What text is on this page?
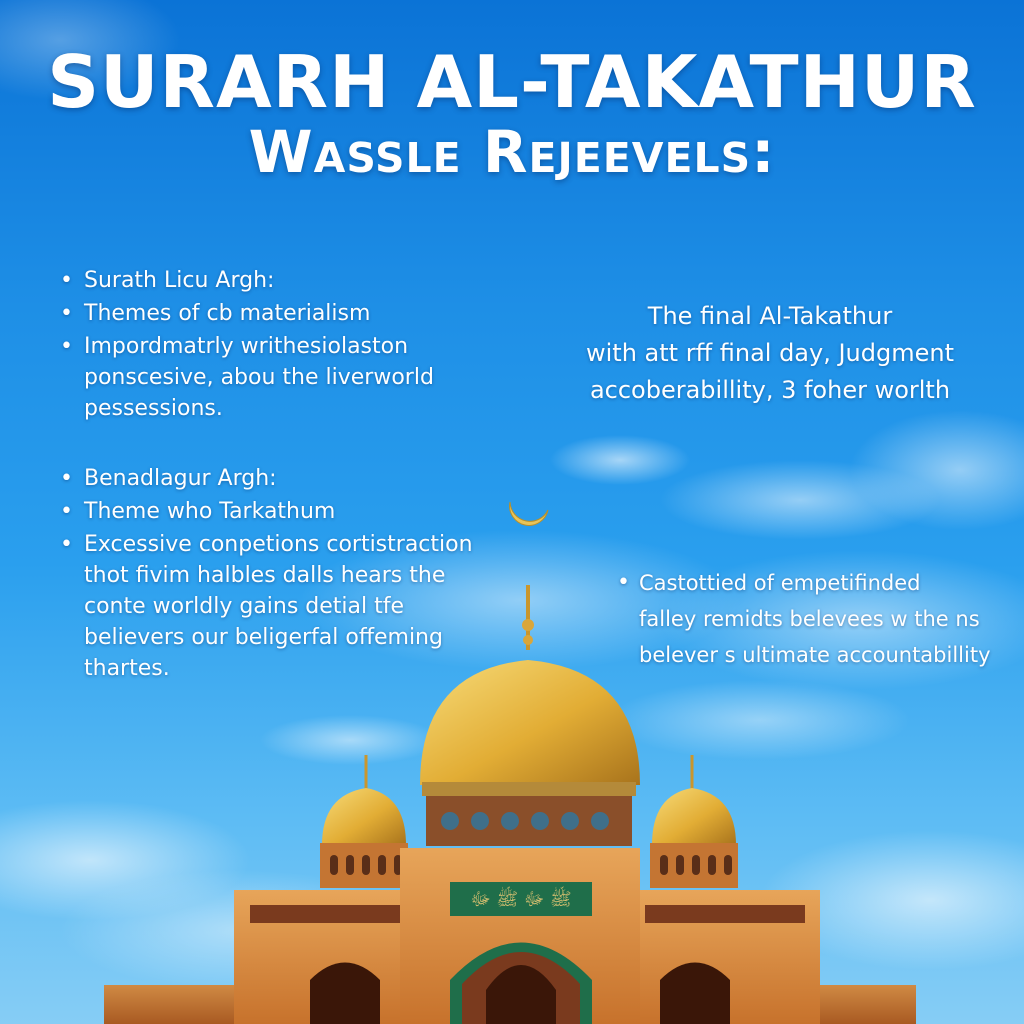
SURARH AL-TAKATHUR
Wassle Rejeevels:
• Surath Licu Argh:
• Themes of cb materialism
• Impordmatrly writhesiolaston ponscesive, abou the liverworld pessessions.
• Benadlagur Argh:
• Theme who Tarkathum
• Excessive conpetions cortistraction thot fivim halbles dalls hears the conte worldly gains detial tfe believers our beligerfal offeming thartes.
The final Al-Takathur
with att rff final day, Judgment
accoberabillity, 3 foher worlth
• Castottied of empetifinded
falley remidts belevees w the ns
belever s ultimate accountabillity
ﷺ ﷻ ﷺ ﷻ
